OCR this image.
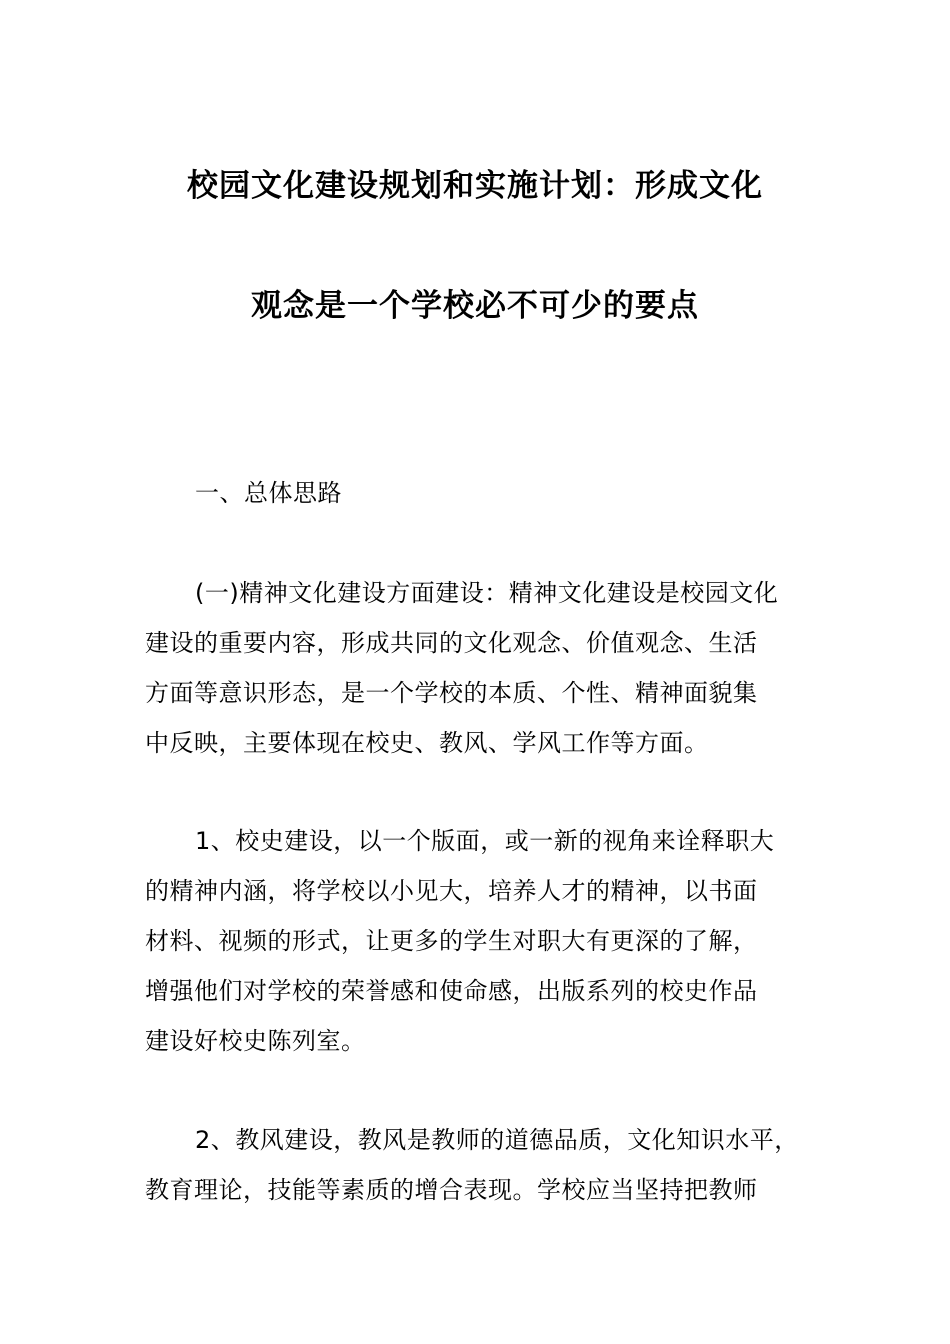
校园文化建设规划和实施计划：形成文化
观念是一个学校必不可少的要点
一、总体思路
(一)精神文化建设方面建设：精神文化建设是校园文化
建设的重要内容，形成共同的文化观念、价值观念、生活
方面等意识形态，是一个学校的本质、个性、精神面貌集
中反映，主要体现在校史、教风、学风工作等方面。
1、校史建设，以一个版面，或一新的视角来诠释职大
的精神内涵，将学校以小见大，培养人才的精神，以书面
材料、视频的形式，让更多的学生对职大有更深的了解，
增强他们对学校的荣誉感和使命感，出版系列的校史作品
建设好校史陈列室。
2、教风建设，教风是教师的道德品质，文化知识水平，
教育理论，技能等素质的增合表现。学校应当坚持把教师
